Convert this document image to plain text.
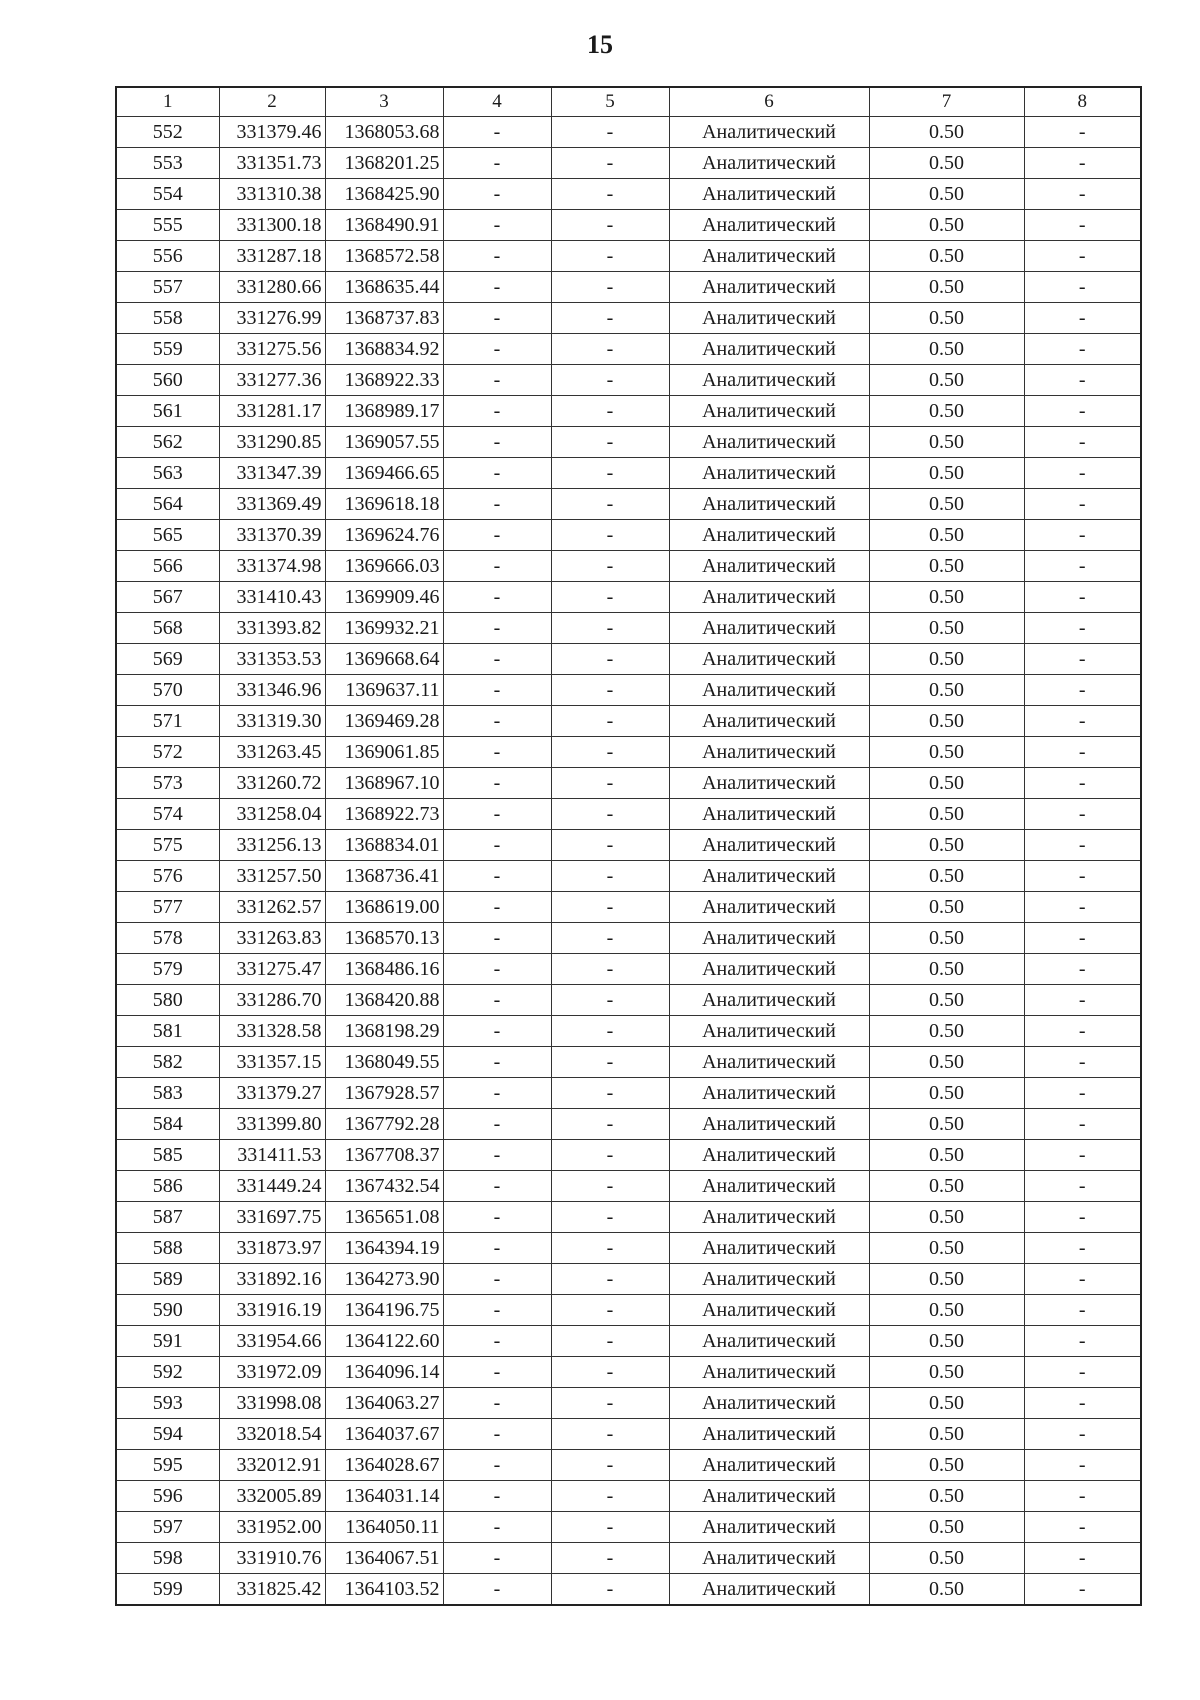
15
1	2	3	4	5	6	7	8
552	331379.46	1368053.68	-	-	Аналитический	0.50	-
553	331351.73	1368201.25	-	-	Аналитический	0.50	-
554	331310.38	1368425.90	-	-	Аналитический	0.50	-
555	331300.18	1368490.91	-	-	Аналитический	0.50	-
556	331287.18	1368572.58	-	-	Аналитический	0.50	-
557	331280.66	1368635.44	-	-	Аналитический	0.50	-
558	331276.99	1368737.83	-	-	Аналитический	0.50	-
559	331275.56	1368834.92	-	-	Аналитический	0.50	-
560	331277.36	1368922.33	-	-	Аналитический	0.50	-
561	331281.17	1368989.17	-	-	Аналитический	0.50	-
562	331290.85	1369057.55	-	-	Аналитический	0.50	-
563	331347.39	1369466.65	-	-	Аналитический	0.50	-
564	331369.49	1369618.18	-	-	Аналитический	0.50	-
565	331370.39	1369624.76	-	-	Аналитический	0.50	-
566	331374.98	1369666.03	-	-	Аналитический	0.50	-
567	331410.43	1369909.46	-	-	Аналитический	0.50	-
568	331393.82	1369932.21	-	-	Аналитический	0.50	-
569	331353.53	1369668.64	-	-	Аналитический	0.50	-
570	331346.96	1369637.11	-	-	Аналитический	0.50	-
571	331319.30	1369469.28	-	-	Аналитический	0.50	-
572	331263.45	1369061.85	-	-	Аналитический	0.50	-
573	331260.72	1368967.10	-	-	Аналитический	0.50	-
574	331258.04	1368922.73	-	-	Аналитический	0.50	-
575	331256.13	1368834.01	-	-	Аналитический	0.50	-
576	331257.50	1368736.41	-	-	Аналитический	0.50	-
577	331262.57	1368619.00	-	-	Аналитический	0.50	-
578	331263.83	1368570.13	-	-	Аналитический	0.50	-
579	331275.47	1368486.16	-	-	Аналитический	0.50	-
580	331286.70	1368420.88	-	-	Аналитический	0.50	-
581	331328.58	1368198.29	-	-	Аналитический	0.50	-
582	331357.15	1368049.55	-	-	Аналитический	0.50	-
583	331379.27	1367928.57	-	-	Аналитический	0.50	-
584	331399.80	1367792.28	-	-	Аналитический	0.50	-
585	331411.53	1367708.37	-	-	Аналитический	0.50	-
586	331449.24	1367432.54	-	-	Аналитический	0.50	-
587	331697.75	1365651.08	-	-	Аналитический	0.50	-
588	331873.97	1364394.19	-	-	Аналитический	0.50	-
589	331892.16	1364273.90	-	-	Аналитический	0.50	-
590	331916.19	1364196.75	-	-	Аналитический	0.50	-
591	331954.66	1364122.60	-	-	Аналитический	0.50	-
592	331972.09	1364096.14	-	-	Аналитический	0.50	-
593	331998.08	1364063.27	-	-	Аналитический	0.50	-
594	332018.54	1364037.67	-	-	Аналитический	0.50	-
595	332012.91	1364028.67	-	-	Аналитический	0.50	-
596	332005.89	1364031.14	-	-	Аналитический	0.50	-
597	331952.00	1364050.11	-	-	Аналитический	0.50	-
598	331910.76	1364067.51	-	-	Аналитический	0.50	-
599	331825.42	1364103.52	-	-	Аналитический	0.50	-
